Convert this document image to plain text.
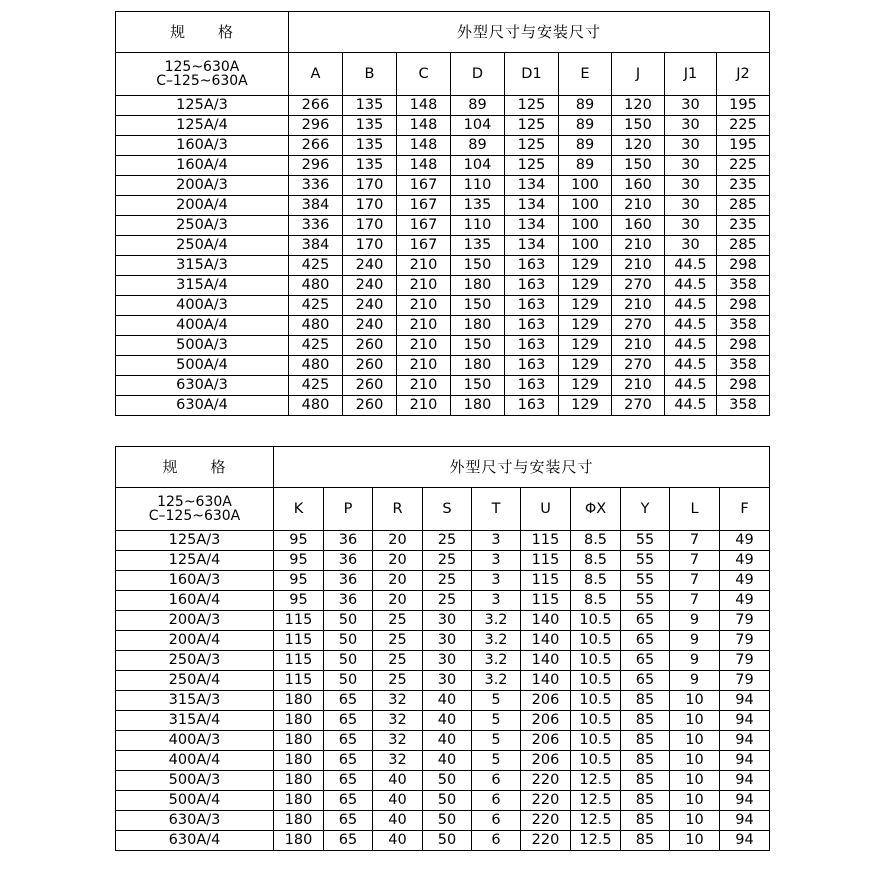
规　　格	外型尺寸与安装尺寸								

125~630A
C–125~630A	A	B	C	D	D1	E	J	J1	J2
125A/3	266	135	148	89	125	89	120	30	195
125A/4	296	135	148	104	125	89	150	30	225
160A/3	266	135	148	89	125	89	120	30	195
160A/4	296	135	148	104	125	89	150	30	225
200A/3	336	170	167	110	134	100	160	30	235
200A/4	384	170	167	135	134	100	210	30	285
250A/3	336	170	167	110	134	100	160	30	235
250A/4	384	170	167	135	134	100	210	30	285
315A/3	425	240	210	150	163	129	210	44.5	298
315A/4	480	240	210	180	163	129	270	44.5	358
400A/3	425	240	210	150	163	129	210	44.5	298
400A/4	480	240	210	180	163	129	270	44.5	358
500A/3	425	260	210	150	163	129	210	44.5	298
500A/4	480	260	210	180	163	129	270	44.5	358
630A/3	425	260	210	150	163	129	210	44.5	298
630A/4	480	260	210	180	163	129	270	44.5	358
规　　格	外型尺寸与安装尺寸									

125~630A
C–125~630A	K	P	R	S	T	U	ΦX	Y	L	F
125A/3	95	36	20	25	3	115	8.5	55	7	49
125A/4	95	36	20	25	3	115	8.5	55	7	49
160A/3	95	36	20	25	3	115	8.5	55	7	49
160A/4	95	36	20	25	3	115	8.5	55	7	49
200A/3	115	50	25	30	3.2	140	10.5	65	9	79
200A/4	115	50	25	30	3.2	140	10.5	65	9	79
250A/3	115	50	25	30	3.2	140	10.5	65	9	79
250A/4	115	50	25	30	3.2	140	10.5	65	9	79
315A/3	180	65	32	40	5	206	10.5	85	10	94
315A/4	180	65	32	40	5	206	10.5	85	10	94
400A/3	180	65	32	40	5	206	10.5	85	10	94
400A/4	180	65	32	40	5	206	10.5	85	10	94
500A/3	180	65	40	50	6	220	12.5	85	10	94
500A/4	180	65	40	50	6	220	12.5	85	10	94
630A/3	180	65	40	50	6	220	12.5	85	10	94
630A/4	180	65	40	50	6	220	12.5	85	10	94
